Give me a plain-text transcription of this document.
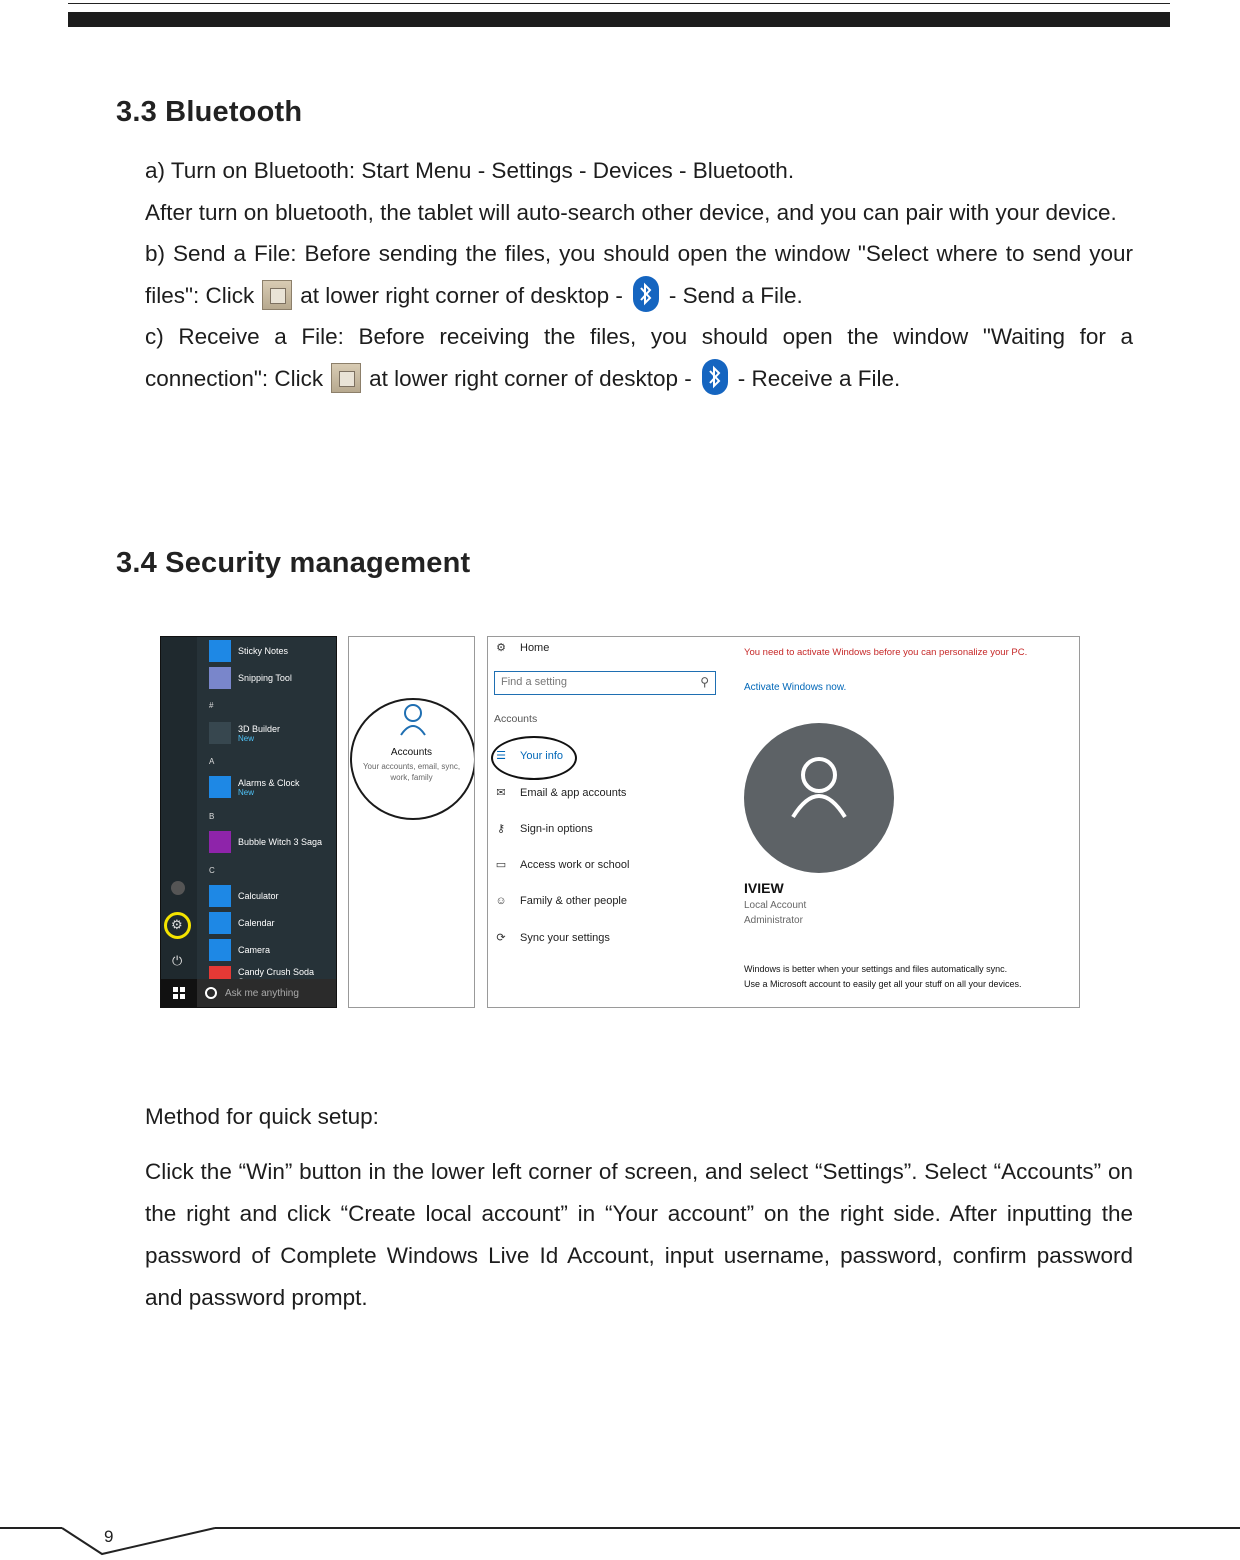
3.3 Bluetooth

a) Turn on Bluetooth: Start Menu - Settings - Devices - Bluetooth.

After turn on bluetooth, the tablet will auto-search other device, and you can pair with your device.

b) Send a File: Before sending the files, you should open the window "Select where to send your files": Click at lower right corner of desktop - - Send a File.

c) Receive a File: Before receiving the files, you should open the window "Waiting for a connection": Click at lower right corner of desktop - - Receive a File.

3.4 Security management
⚙
⏻
Sticky Notes
Snipping Tool
#
3D Builder
New
A
Alarms & Clock
New
B
Bubble Witch 3 Saga
C
Calculator
Calendar
Camera
Candy Crush Soda
Ask me anything
Accounts
Your accounts, email, sync,
work, family
⚙ Home
Find a setting	⚲
Accounts
☰ Your info
✉ Email & app accounts
⚷ Sign-in options
▭ Access work or school
☺ Family & other people
⟳ Sync your settings
You need to activate Windows before you can personalize your PC.
Activate Windows now.
IVIEW
Local Account
Administrator
Windows is better when your settings and files automatically sync.
Use a Microsoft account to easily get all your stuff on all your devices.
Method for quick setup:

Click the “Win” button in the lower left corner of screen, and select “Settings”. Select “Accounts” on the right and click “Create local account” in “Your account” on the right side. After inputting the password of Complete Windows Live Id Account, input username, password, confirm password and password prompt.

9
